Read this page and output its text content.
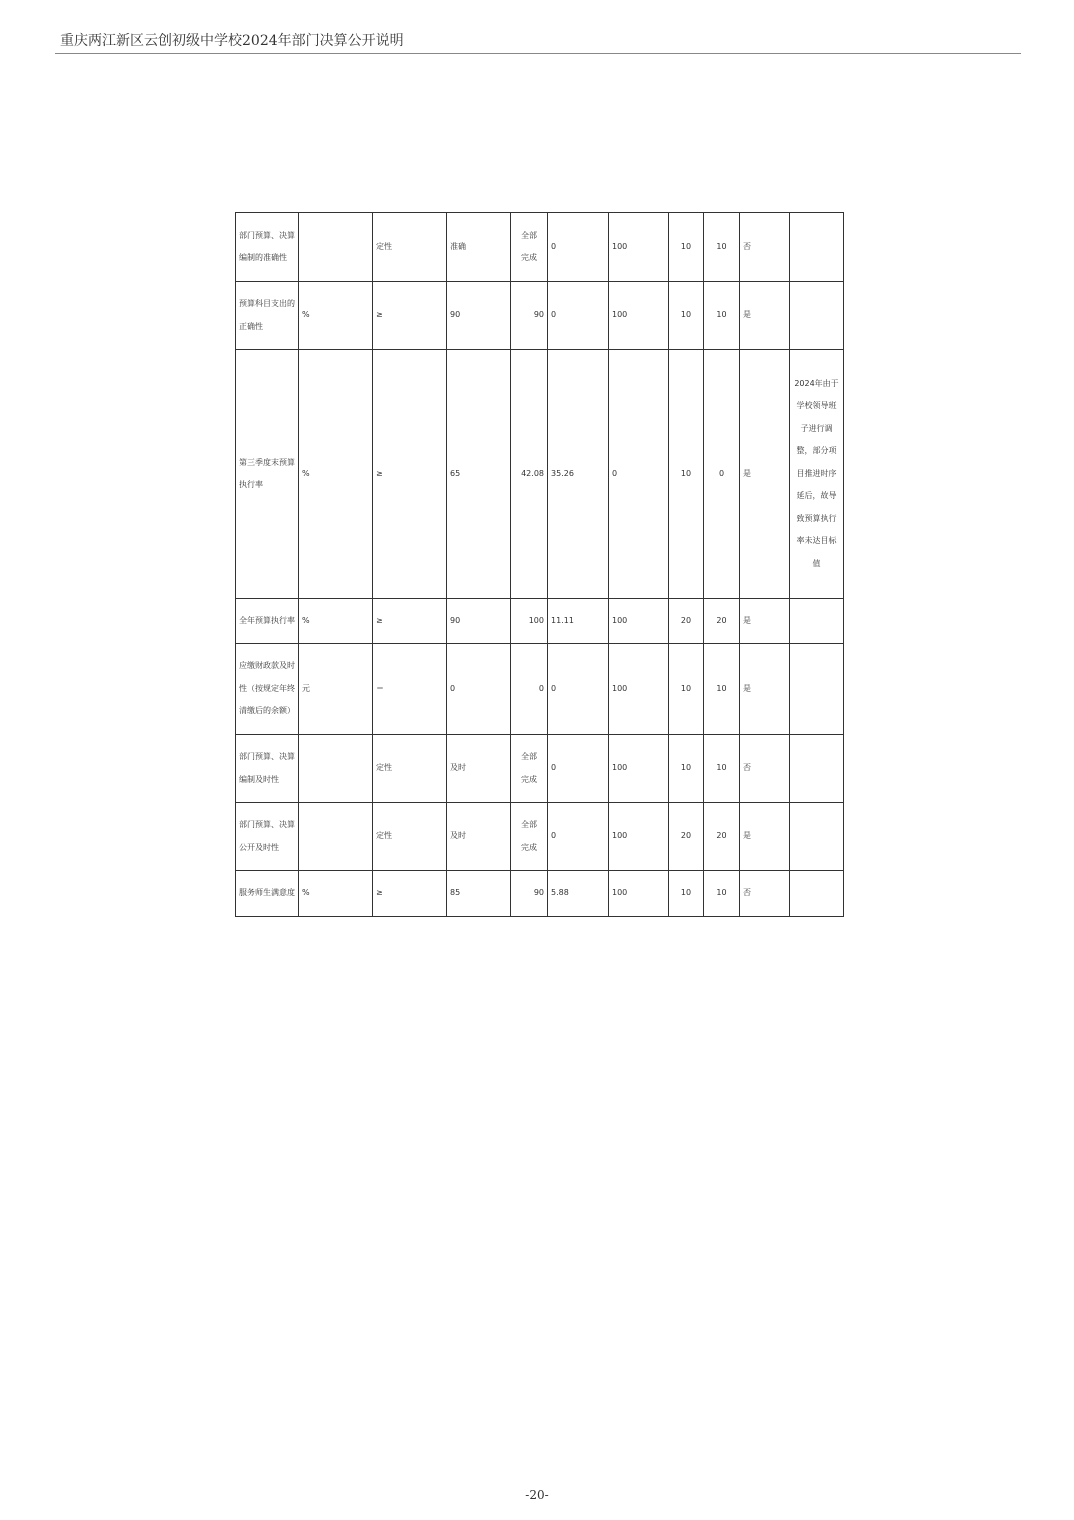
重庆两江新区云创初级中学校2024年部门决算公开说明
部门预算、决算编制的准确性		定性	准确	全部完成	0	100	10	10	否	
预算科目支出的正确性	%	≥	90	90	0	100	10	10	是	
第三季度末预算执行率	%	≥	65	42.08	35.26	0	10	0	是	2024年由于学校领导班子进行调整，部分项目推进时序延后，故导致预算执行率未达目标值
全年预算执行率	%	≥	90	100	11.11	100	20	20	是	
应缴财政款及时性（按规定年终清缴后的余额）	元	＝	0	0	0	100	10	10	是	
部门预算、决算编制及时性		定性	及时	全部完成	0	100	10	10	否	
部门预算、决算公开及时性		定性	及时	全部完成	0	100	20	20	是	
服务师生满意度	%	≥	85	90	5.88	100	10	10	否	
-20-
